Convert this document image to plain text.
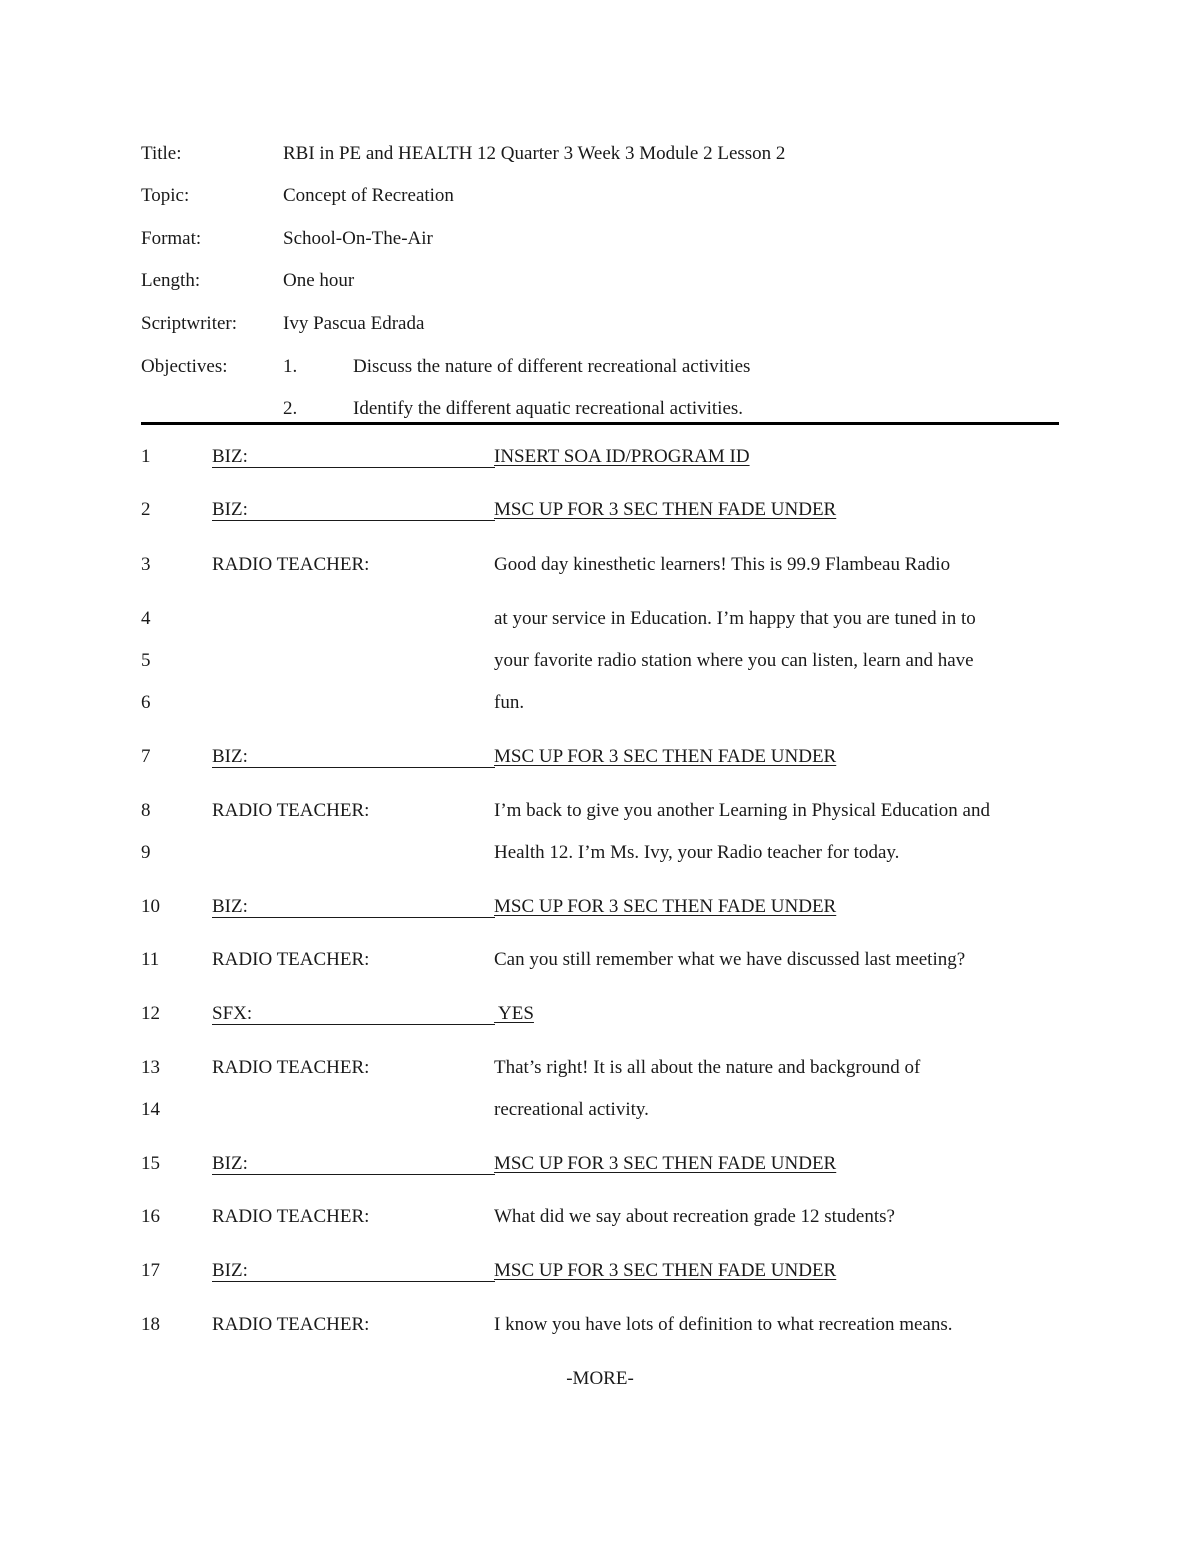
Title:	RBI in PE and HEALTH 12 Quarter 3 Week 3 Module 2 Lesson 2
Topic:	Concept of Recreation
Format:	School-On-The-Air
Length:	One hour
Scriptwriter: Ivy Pascua Edrada
Objectives:	1.	Discuss the nature of different recreational activities
2.	Identify the different aquatic recreational activities.
1	BIZ:	INSERT SOA ID/PROGRAM ID
2	BIZ:	MSC UP FOR 3 SEC THEN FADE UNDER
3	RADIO TEACHER:	Good day kinesthetic learners! This is 99.9 Flambeau Radio
4	at your service in Education. I’m happy that you are tuned in to
5	your favorite radio station where you can listen, learn and have
6	fun.
7	BIZ:	MSC UP FOR 3 SEC THEN FADE UNDER
8	RADIO TEACHER:	I’m back to give you another Learning in Physical Education and
9	Health 12. I’m Ms. Ivy, your Radio teacher for today.
10	BIZ:	MSC UP FOR 3 SEC THEN FADE UNDER
11	RADIO TEACHER:	Can you still remember what we have discussed last meeting?
12	SFX:	YES
13	RADIO TEACHER:	That’s right! It is all about the nature and background of
14	recreational activity.
15	BIZ:	MSC UP FOR 3 SEC THEN FADE UNDER
16	RADIO TEACHER:	What did we say about recreation grade 12 students?
17	BIZ:	MSC UP FOR 3 SEC THEN FADE UNDER
18	RADIO TEACHER:	I know you have lots of definition to what recreation means.
-MORE-
